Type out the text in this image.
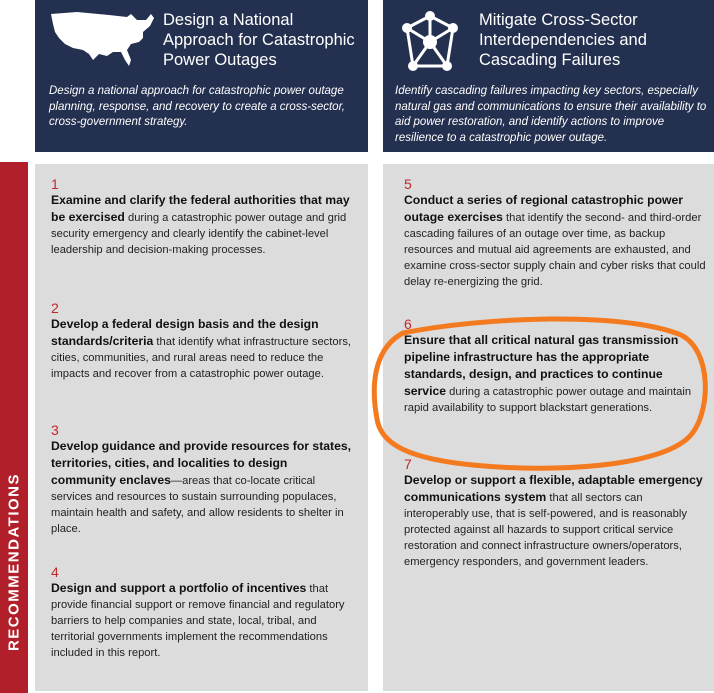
RECOMMENDATIONS
Design a National Approach for Catastrophic Power Outages
Design a national approach for catastrophic power outage planning, response, and recovery to create a cross-sector, cross-government strategy.
Mitigate Cross-Sector Interdependencies and Cascading Failures
Identify cascading failures impacting key sectors, especially natural gas and communications to ensure their availability to aid power restoration, and identify actions to improve resilience to a catastrophic power outage.
1
Examine and clarify the federal authorities that may be exercised during a catastrophic power outage and grid security emergency and clearly identify the cabinet-level leadership and decision-making processes.
2
Develop a federal design basis and the design standards/criteria that identify what infrastructure sectors, cities, communities, and rural areas need to reduce the impacts and recover from a catastrophic power outage.
3
Develop guidance and provide resources for states, territories, cities, and localities to design community enclaves—areas that co-locate critical services and resources to sustain surrounding populaces, maintain health and safety, and allow residents to shelter in place.
4
Design and support a portfolio of incentives that provide financial support or remove financial and regulatory barriers to help companies and state, local, tribal, and territorial governments implement the recommendations included in this report.
5
Conduct a series of regional catastrophic power outage exercises that identify the second- and third-order cascading failures of an outage over time, as backup resources and mutual aid agreements are exhausted, and examine cross-sector supply chain and cyber risks that could delay re-energizing the grid.
6
Ensure that all critical natural gas transmission pipeline infrastructure has the appropriate standards, design, and practices to continue service during a catastrophic power outage and maintain rapid availability to support blackstart generations.
7
Develop or support a flexible, adaptable emergency communications system that all sectors can interoperably use, that is self-powered, and is reasonably protected against all hazards to support critical service restoration and connect infrastructure owners/operators, emergency responders, and government leaders.
